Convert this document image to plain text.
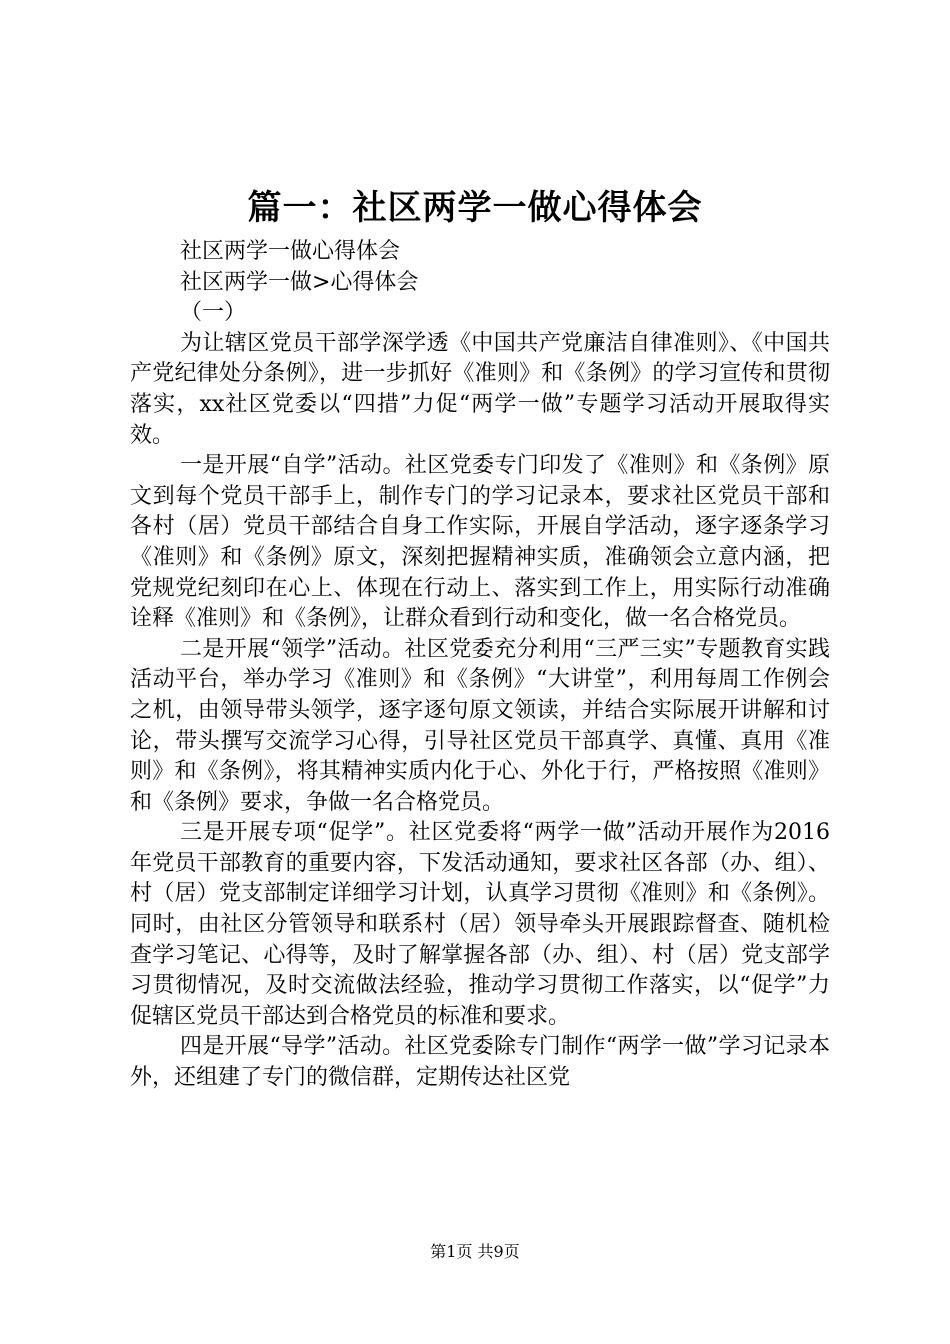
篇一：社区两学一做心得体会

社区两学一做心得体会

社区两学一做>心得体会

（一）

为让辖区党员干部学深学透《中国共产党廉洁自律准则》、《中国共产党纪律处分条例》，进一步抓好《准则》和《条例》的学习宣传和贯彻落实，xx社区党委以“四措”力促“两学一做”专题学习活动开展取得实效。

一是开展“自学”活动。社区党委专门印发了《准则》和《条例》原文到每个党员干部手上，制作专门的学习记录本，要求社区党员干部和各村（居）党员干部结合自身工作实际，开展自学活动，逐字逐条学习《准则》和《条例》原文，深刻把握精神实质，准确领会立意内涵，把党规党纪刻印在心上、体现在行动上、落实到工作上，用实际行动准确诠释《准则》和《条例》，让群众看到行动和变化，做一名合格党员。

二是开展“领学”活动。社区党委充分利用“三严三实”专题教育实践活动平台，举办学习《准则》和《条例》“大讲堂”，利用每周工作例会之机，由领导带头领学，逐字逐句原文领读，并结合实际展开讲解和讨论，带头撰写交流学习心得，引导社区党员干部真学、真懂、真用《准则》和《条例》，将其精神实质内化于心、外化于行，严格按照《准则》和《条例》要求，争做一名合格党员。

三是开展专项“促学”。社区党委将“两学一做”活动开展作为2016年党员干部教育的重要内容，下发活动通知，要求社区各部（办、组）、村（居）党支部制定详细学习计划，认真学习贯彻《准则》和《条例》。同时，由社区分管领导和联系村（居）领导牵头开展跟踪督查、随机检查学习笔记、心得等，及时了解掌握各部（办、组）、村（居）党支部学习贯彻情况，及时交流做法经验，推动学习贯彻工作落实，以“促学”力促辖区党员干部达到合格党员的标准和要求。

四是开展“导学”活动。社区党委除专门制作“两学一做”学习记录本外，还组建了专门的微信群，定期传达社区党

第1页 共9页
